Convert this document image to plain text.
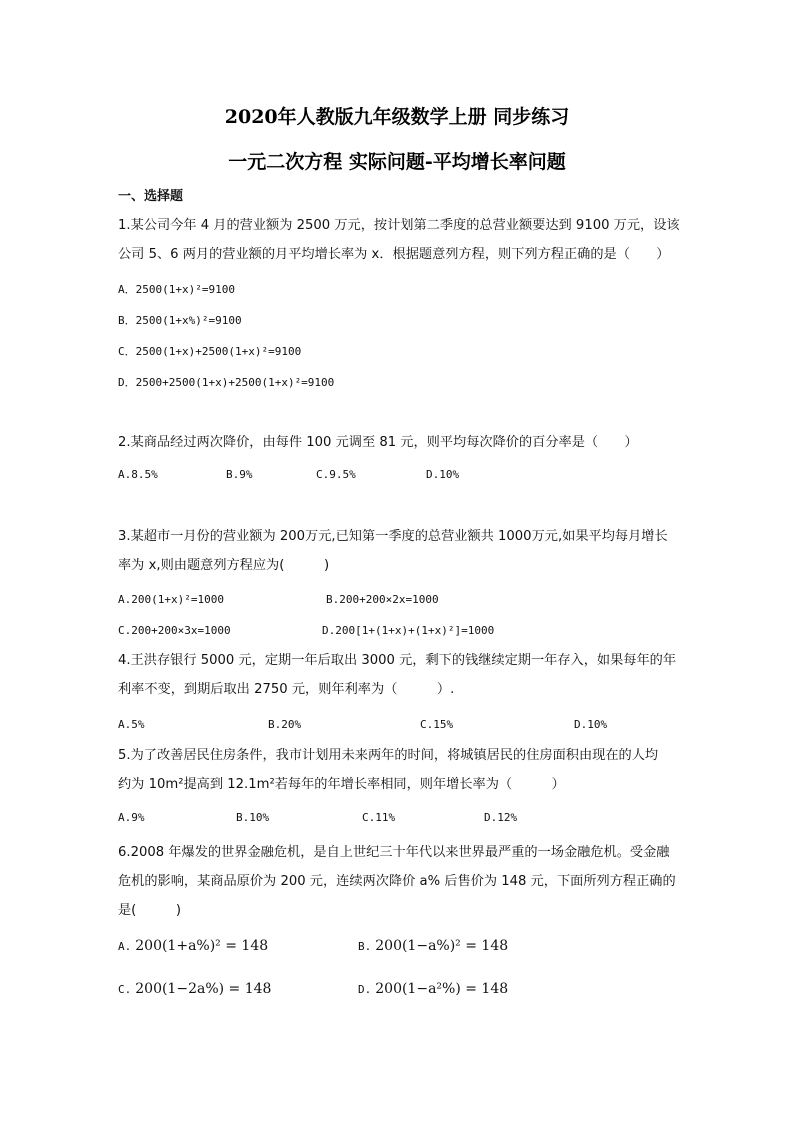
2020年人教版九年级数学上册 同步练习
一元二次方程 实际问题-平均增长率问题
一、选择题
1.某公司今年 4 月的营业额为 2500 万元，按计划第二季度的总营业额要达到 9100 万元，设该
公司 5、6 两月的营业额的月平均增长率为 x．根据题意列方程，则下列方程正确的是（　　）
A．2500(1+x)²=9100
B．2500(1+x%)²=9100
C．2500(1+x)+2500(1+x)²=9100
D．2500+2500(1+x)+2500(1+x)²=9100
2.某商品经过两次降价，由每件 100 元调至 81 元，则平均每次降价的百分率是（　　）
A.8.5%	B.9%	C.9.5%	D.10%
3.某超市一月份的营业额为 200万元,已知第一季度的总营业额共 1000万元,如果平均每月增长
率为 x,则由题意列方程应为(　　　)
A.200(1+x)²=1000	B.200+200×2x=1000
C.200+200×3x=1000	D.200[1+(1+x)+(1+x)²]=1000
4.王洪存银行 5000 元，定期一年后取出 3000 元，剩下的钱继续定期一年存入，如果每年的年
利率不变，到期后取出 2750 元，则年利率为（　　　）.
A.5%	B.20%	C.15%	D.10%
5.为了改善居民住房条件，我市计划用未来两年的时间，将城镇居民的住房面积由现在的人均
约为 10m²提高到 12.1m²若每年的年增长率相同，则年增长率为（　　　）
A.9%	B.10%	C.11%	D.12%
6.2008 年爆发的世界金融危机，是自上世纪三十年代以来世界最严重的一场金融危机。受金融
危机的影响，某商品原价为 200 元，连续两次降价 a% 后售价为 148 元，下面所列方程正确的
是(　　　)
A. 200(1+a%)² = 148	B. 200(1−a%)² = 148
C. 200(1−2a%) = 148	D. 200(1−a²%) = 148
